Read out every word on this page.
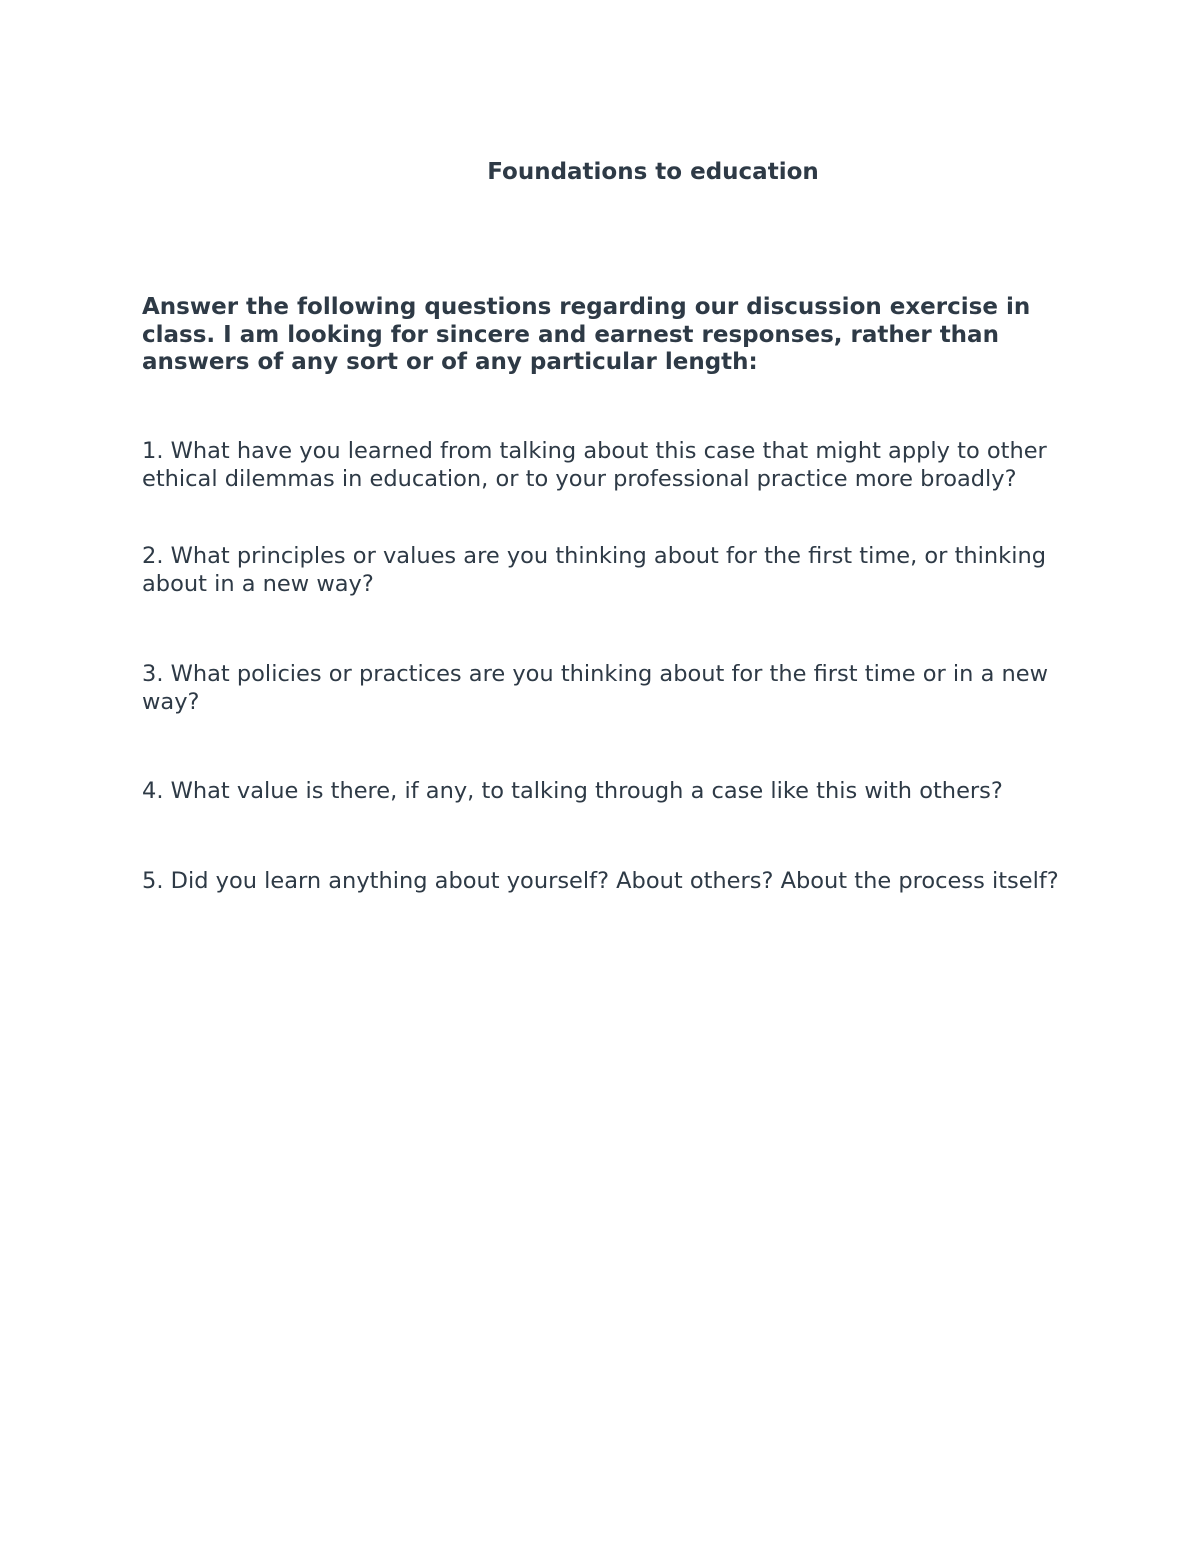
Foundations to education
Answer the following questions regarding our discussion exercise in class. I am looking for sincere and earnest responses, rather than answers of any sort or of any particular length:
1. What have you learned from talking about this case that might apply to other ethical dilemmas in education, or to your professional practice more broadly?
2. What principles or values are you thinking about for the first time, or thinking about in a new way?
3. What policies or practices are you thinking about for the first time or in a new way?
4. What value is there, if any, to talking through a case like this with others?
5. Did you learn anything about yourself? About others? About the process itself?
